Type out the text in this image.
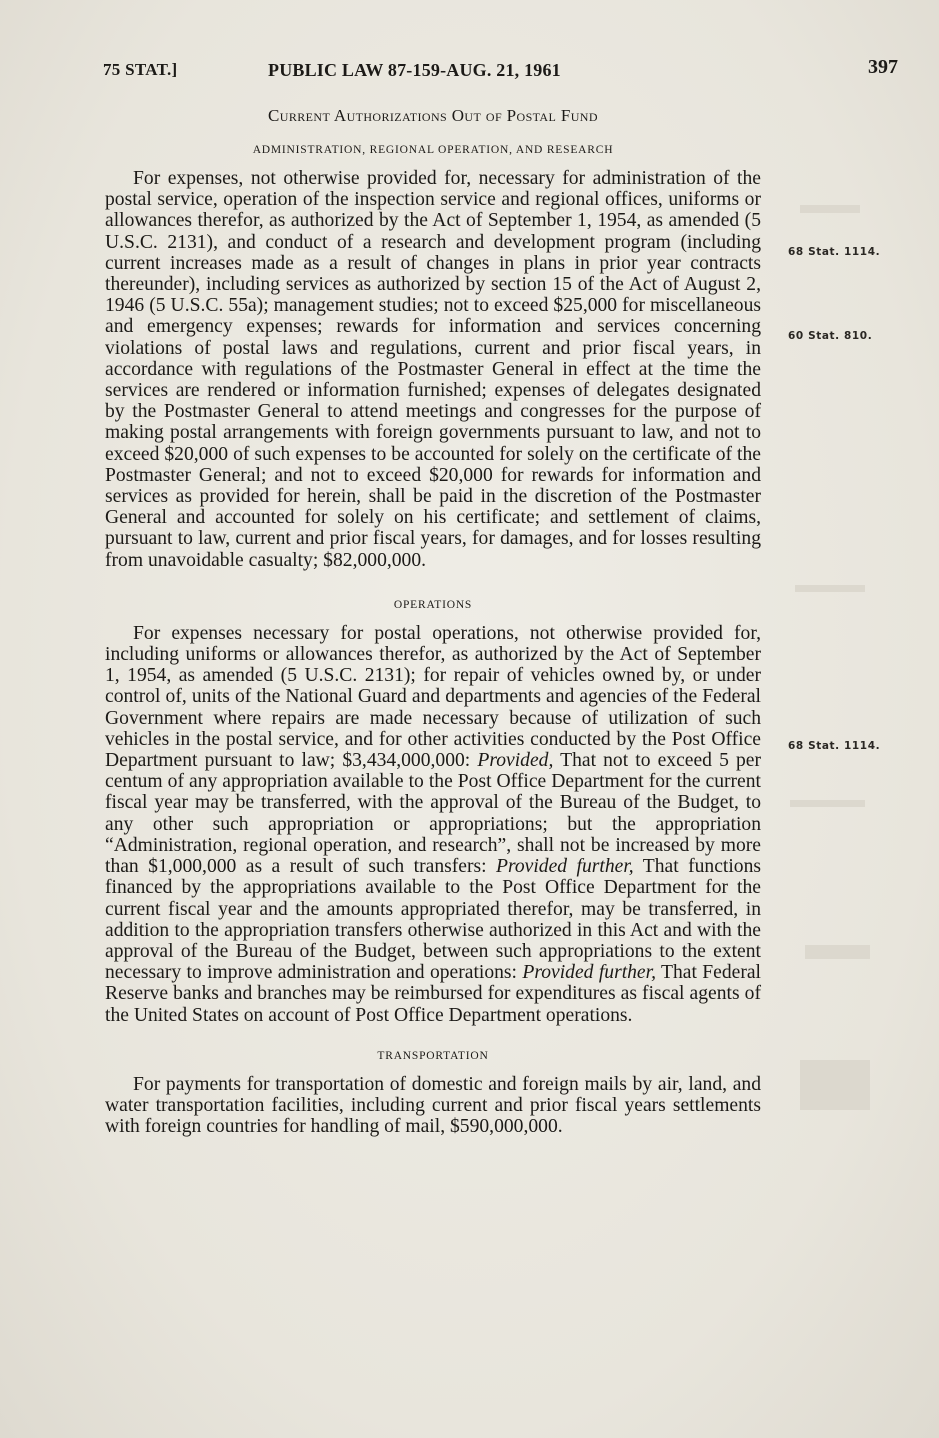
75 STAT.]	PUBLIC LAW 87-159-AUG. 21, 1961	397
Current Authorizations Out of Postal Fund
ADMINISTRATION, REGIONAL OPERATION, AND RESEARCH

For expenses, not otherwise provided for, necessary for administration of the postal service, operation of the inspection service and regional offices, uniforms or allowances therefor, as authorized by the Act of September 1, 1954, as amended (5 U.S.C. 2131), and conduct of a research and development program (including current increases made as a result of changes in plans in prior year contracts thereunder), including services as authorized by section 15 of the Act of August 2, 1946 (5 U.S.C. 55a); management studies; not to exceed $25,000 for miscellaneous and emergency expenses; rewards for information and services concerning violations of postal laws and regulations, current and prior fiscal years, in accordance with regulations of the Postmaster General in effect at the time the services are rendered or information furnished; expenses of delegates designated by the Postmaster General to attend meetings and congresses for the purpose of making postal arrangements with foreign governments pursuant to law, and not to exceed $20,000 of such expenses to be accounted for solely on the certificate of the Postmaster General; and not to exceed $20,000 for rewards for information and services as provided for herein, shall be paid in the discretion of the Postmaster General and accounted for solely on his certificate; and settlement of claims, pursuant to law, current and prior fiscal years, for damages, and for losses resulting from unavoidable casualty; $82,000,000.

OPERATIONS

For expenses necessary for postal operations, not otherwise provided for, including uniforms or allowances therefor, as authorized by the Act of September 1, 1954, as amended (5 U.S.C. 2131); for repair of vehicles owned by, or under control of, units of the National Guard and departments and agencies of the Federal Government where repairs are made necessary because of utilization of such vehicles in the postal service, and for other activities conducted by the Post Office Department pursuant to law; $3,434,000,000: Provided, That not to exceed 5 per centum of any appropriation available to the Post Office Department for the current fiscal year may be transferred, with the approval of the Bureau of the Budget, to any other such appropriation or appropriations; but the appropriation “Administration, regional operation, and research”, shall not be increased by more than $1,000,000 as a result of such transfers: Provided further, That functions financed by the appropriations available to the Post Office Department for the current fiscal year and the amounts appropriated therefor, may be transferred, in addition to the appropriation transfers otherwise authorized in this Act and with the approval of the Bureau of the Budget, between such appropriations to the extent necessary to improve administration and operations: Provided further, That Federal Reserve banks and branches may be reimbursed for expenditures as fiscal agents of the United States on account of Post Office Department operations.

TRANSPORTATION

For payments for transportation of domestic and foreign mails by air, land, and water transportation facilities, including current and prior fiscal years settlements with foreign countries for handling of mail, $590,000,000.

68 Stat. 1114.
60 Stat. 810.
68 Stat. 1114.
